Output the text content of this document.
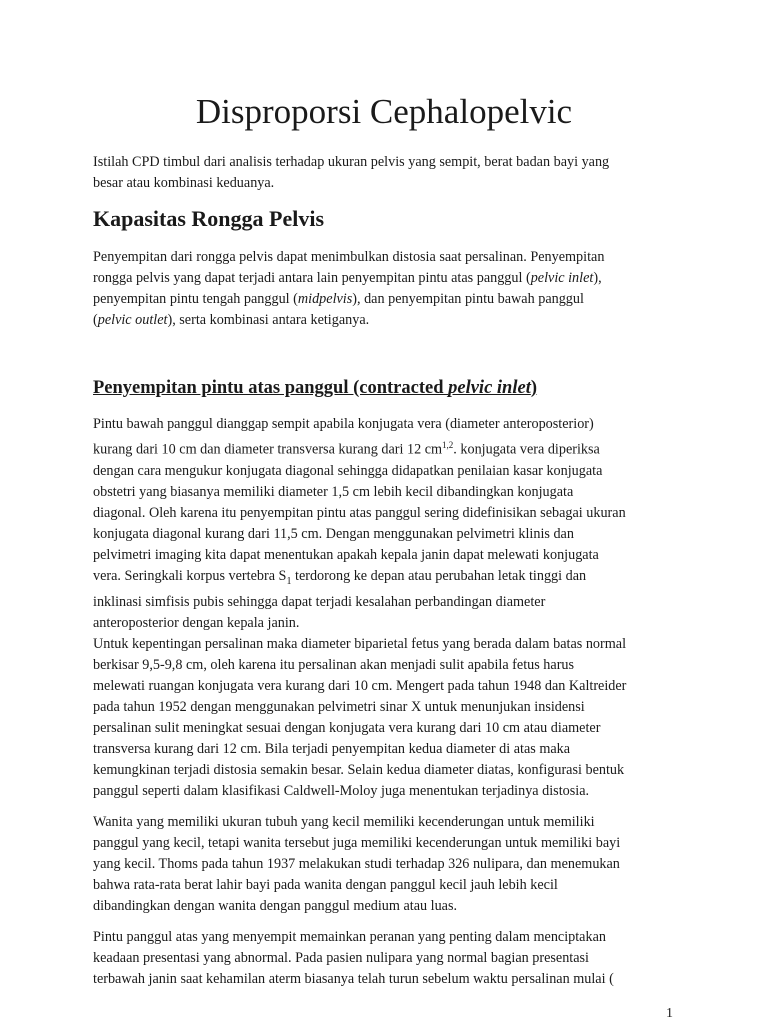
Disproporsi Cephalopelvic

Istilah CPD timbul dari analisis terhadap ukuran pelvis yang sempit, berat badan bayi yang
besar atau kombinasi keduanya.

Kapasitas Rongga Pelvis

Penyempitan dari rongga pelvis dapat menimbulkan distosia saat persalinan. Penyempitan
rongga pelvis yang dapat terjadi antara lain penyempitan pintu atas panggul (pelvic inlet),
penyempitan pintu tengah panggul (midpelvis), dan penyempitan pintu bawah panggul
(pelvic outlet), serta kombinasi antara ketiganya.

Penyempitan pintu atas panggul (contracted pelvic inlet)

Pintu bawah panggul dianggap sempit apabila konjugata vera (diameter anteroposterior)
kurang dari 10 cm dan diameter transversa kurang dari 12 cm$^{1,2}$. konjugata vera diperiksa
dengan cara mengukur konjugata diagonal sehingga didapatkan penilaian kasar konjugata
obstetri yang biasanya memiliki diameter 1,5 cm lebih kecil dibandingkan konjugata
diagonal. Oleh karena itu penyempitan pintu atas panggul sering didefinisikan sebagai ukuran
konjugata diagonal kurang dari 11,5 cm. Dengan menggunakan pelvimetri klinis dan
pelvimetri imaging kita dapat menentukan apakah kepala janin dapat melewati konjugata
vera. Seringkali korpus vertebra $S_1$ terdorong ke depan atau perubahan letak tinggi dan
inklinasi simfisis pubis sehingga dapat terjadi kesalahan perbandingan diameter
anteroposterior dengan kepala janin.

Untuk kepentingan persalinan maka diameter biparietal fetus yang berada dalam batas normal
berkisar 9,5-9,8 cm, oleh karena itu persalinan akan menjadi sulit apabila fetus harus
melewati ruangan konjugata vera kurang dari 10 cm. Mengert pada tahun 1948 dan Kaltreider
pada tahun 1952 dengan menggunakan pelvimetri sinar X untuk menunjukan insidensi
persalinan sulit meningkat sesuai dengan konjugata vera kurang dari 10 cm atau diameter
transversa kurang dari 12 cm. Bila terjadi penyempitan kedua diameter di atas maka
kemungkinan terjadi distosia semakin besar. Selain kedua diameter diatas, konfigurasi bentuk
panggul seperti dalam klasifikasi Caldwell-Moloy juga menentukan terjadinya distosia.

Wanita yang memiliki ukuran tubuh yang kecil memiliki kecenderungan untuk memiliki
panggul yang kecil, tetapi wanita tersebut juga memiliki kecenderungan untuk memiliki bayi
yang kecil. Thoms pada tahun 1937 melakukan studi terhadap 326 nulipara, dan menemukan
bahwa rata-rata berat lahir bayi pada wanita dengan panggul kecil jauh lebih kecil
dibandingkan dengan wanita dengan panggul medium atau luas.

Pintu panggul atas yang menyempit memainkan peranan yang penting dalam menciptakan
keadaan presentasi yang abnormal. Pada pasien nulipara yang normal bagian presentasi
terbawah janin saat kehamilan aterm biasanya telah turun sebelum waktu persalinan mulai (

1
